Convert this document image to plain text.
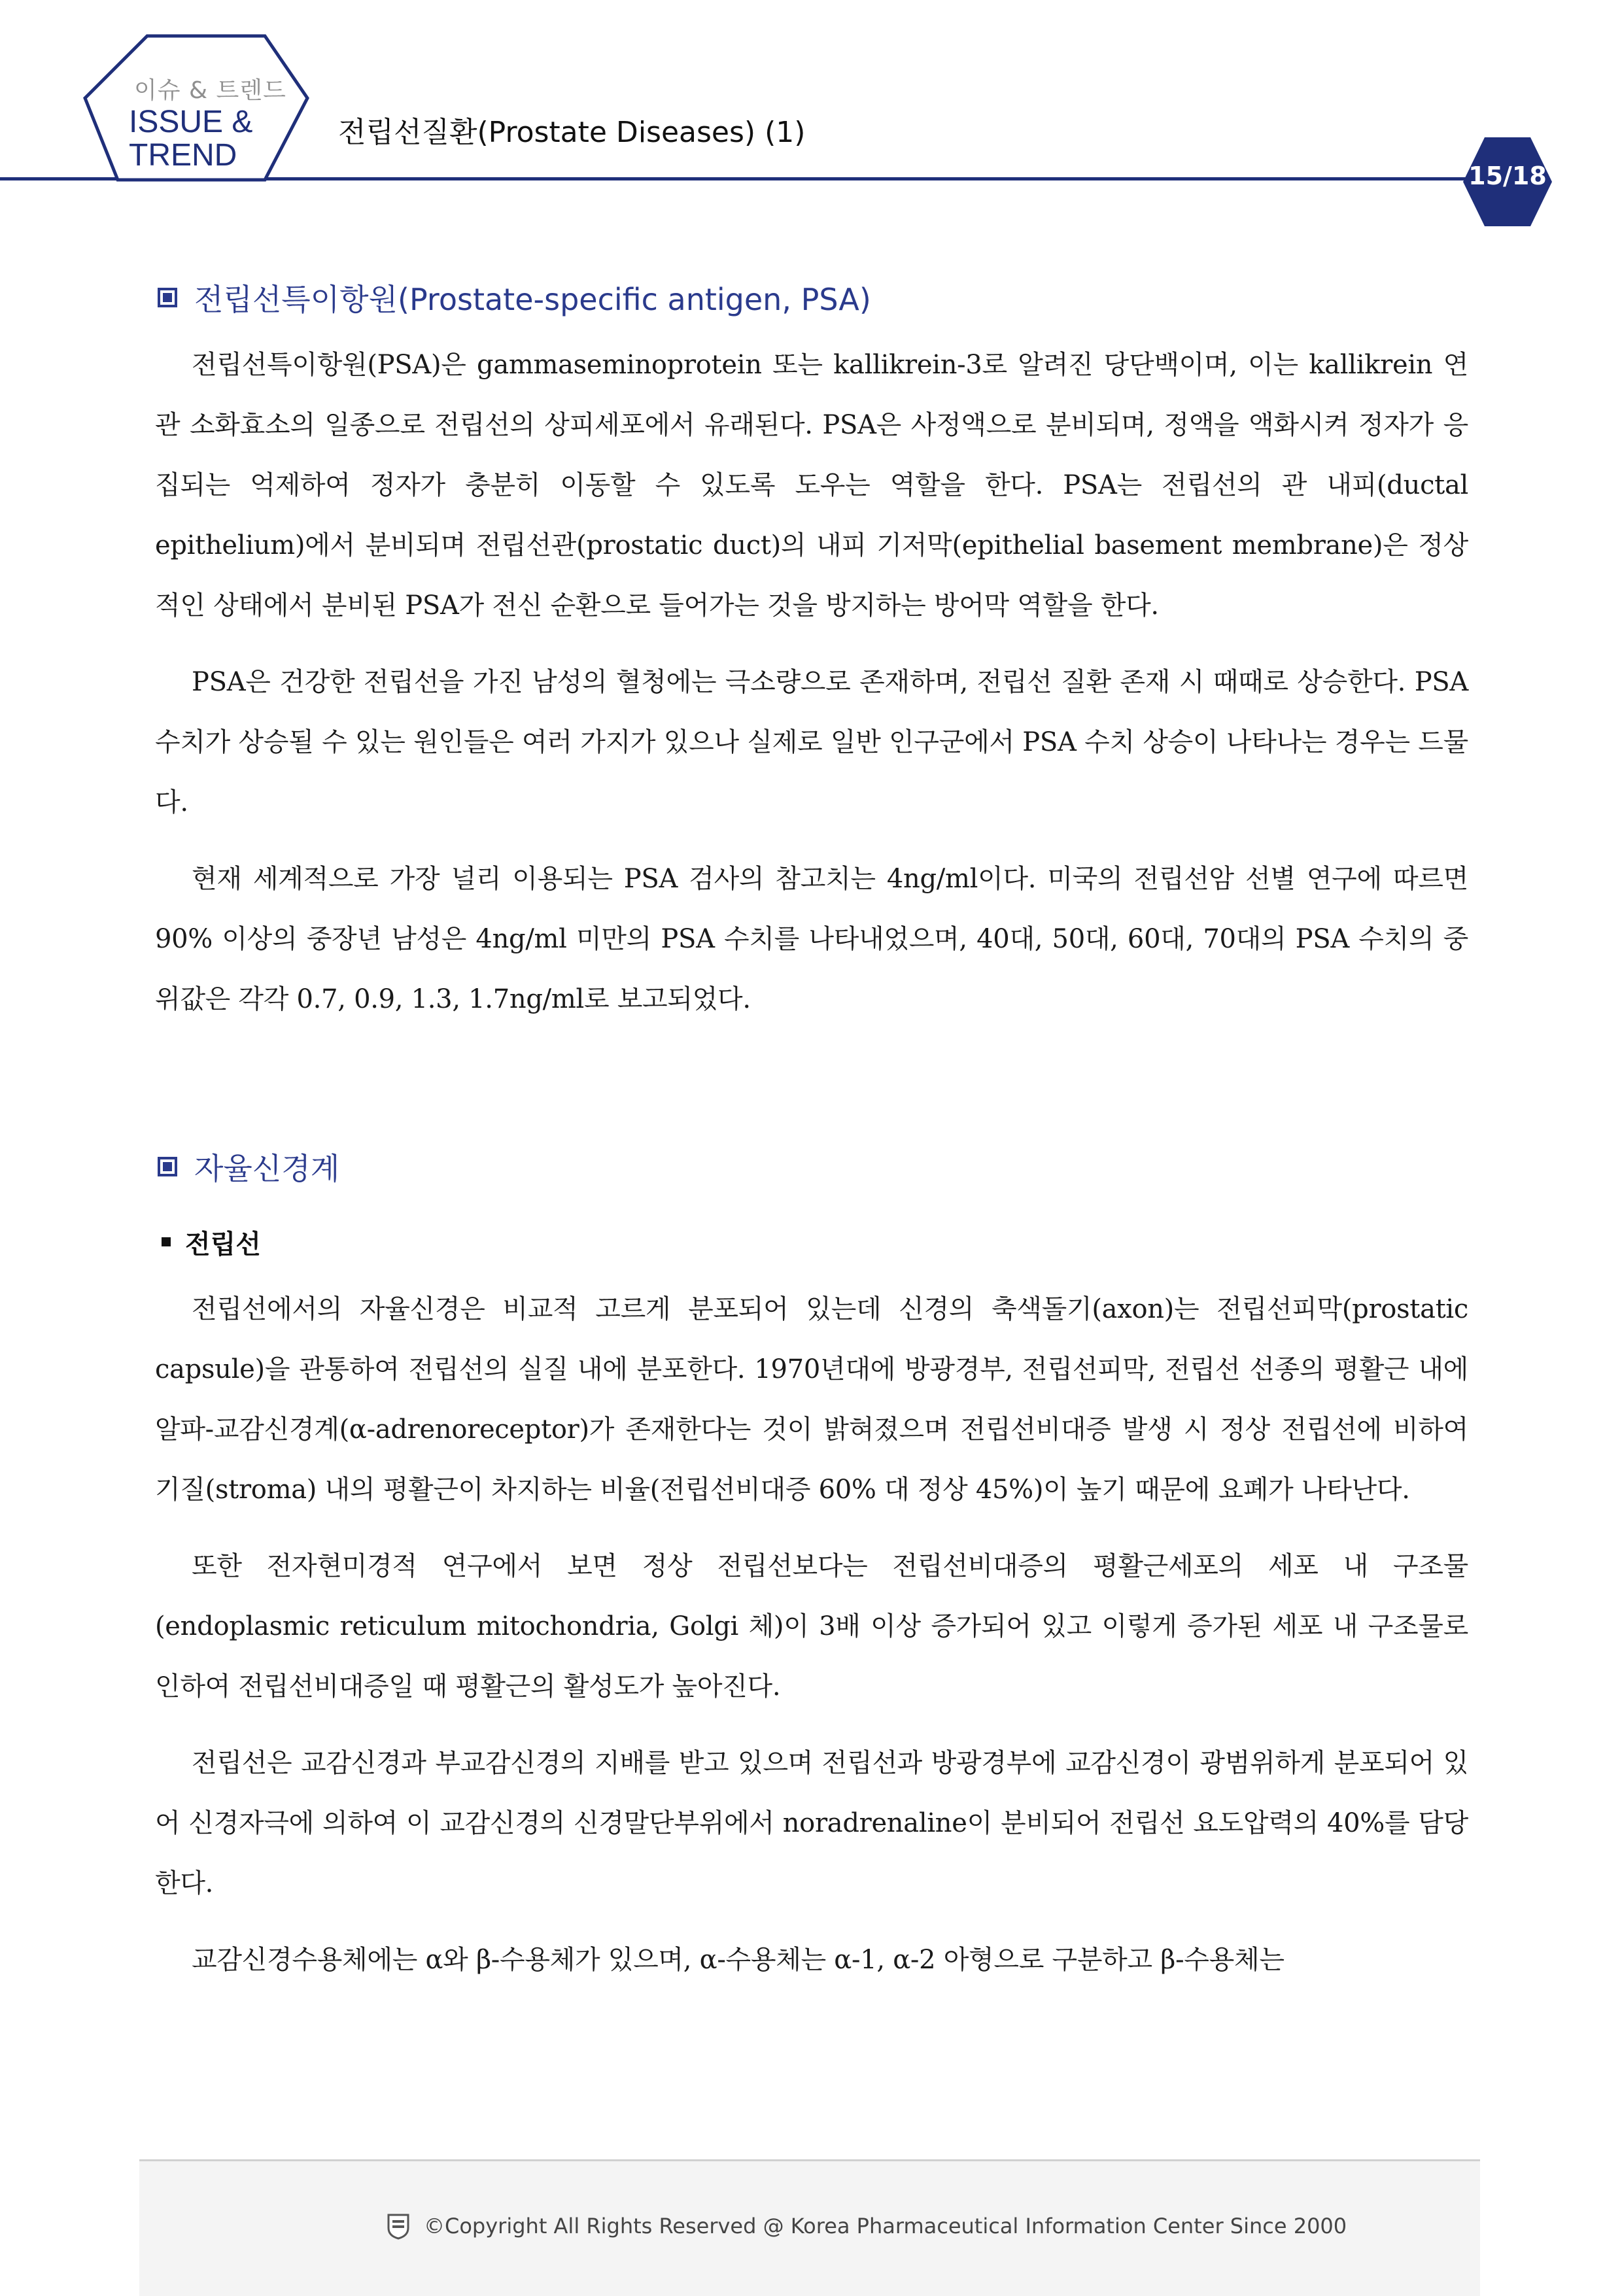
이슈 & 트렌드
ISSUE &
TREND
전립선질환(Prostate Diseases) (1)
15/18
전립선특이항원(Prostate-specific antigen, PSA)

전립선특이항원(PSA)은 gammaseminoprotein 또는 kallikrein-3로 알려진 당단백이며, 이는 kallikrein 연관 소화효소의 일종으로 전립선의 상피세포에서 유래된다. PSA은 사정액으로 분비되며, 정액을 액화시켜 정자가 응집되는 억제하여 정자가 충분히 이동할 수 있도록 도우는 역할을 한다. PSA는 전립선의 관 내피(ductal epithelium)에서 분비되며 전립선관(prostatic duct)의 내피 기저막(epithelial basement membrane)은 정상적인 상태에서 분비된 PSA가 전신 순환으로 들어가는 것을 방지하는 방어막 역할을 한다.

PSA은 건강한 전립선을 가진 남성의 혈청에는 극소량으로 존재하며, 전립선 질환 존재 시 때때로 상승한다. PSA 수치가 상승될 수 있는 원인들은 여러 가지가 있으나 실제로 일반 인구군에서 PSA 수치 상승이 나타나는 경우는 드물다.

현재 세계적으로 가장 널리 이용되는 PSA 검사의 참고치는 4ng/ml이다. 미국의 전립선암 선별 연구에 따르면 90% 이상의 중장년 남성은 4ng/ml 미만의 PSA 수치를 나타내었으며, 40대, 50대, 60대, 70대의 PSA 수치의 중위값은 각각 0.7, 0.9, 1.3, 1.7ng/ml로 보고되었다.

자율신경계
전립선

전립선에서의 자율신경은 비교적 고르게 분포되어 있는데 신경의 축색돌기(axon)는 전립선피막(prostatic capsule)을 관통하여 전립선의 실질 내에 분포한다. 1970년대에 방광경부, 전립선피막, 전립선 선종의 평활근 내에 알파-교감신경계(α-adrenoreceptor)가 존재한다는 것이 밝혀졌으며 전립선비대증 발생 시 정상 전립선에 비하여 기질(stroma) 내의 평활근이 차지하는 비율(전립선비대증 60% 대 정상 45%)이 높기 때문에 요폐가 나타난다.

또한 전자현미경적 연구에서 보면 정상 전립선보다는 전립선비대증의 평활근세포의 세포 내 구조물(endoplasmic reticulum mitochondria, Golgi 체)이 3배 이상 증가되어 있고 이렇게 증가된 세포 내 구조물로 인하여 전립선비대증일 때 평활근의 활성도가 높아진다.

전립선은 교감신경과 부교감신경의 지배를 받고 있으며 전립선과 방광경부에 교감신경이 광범위하게 분포되어 있어 신경자극에 의하여 이 교감신경의 신경말단부위에서 noradrenaline이 분비되어 전립선 요도압력의 40%를 담당한다.

교감신경수용체에는 α와 β-수용체가 있으며, α-수용체는 α-1, α-2 아형으로 구분하고 β-수용체는

©Copyright All Rights Reserved @ Korea Pharmaceutical Information Center Since 2000
